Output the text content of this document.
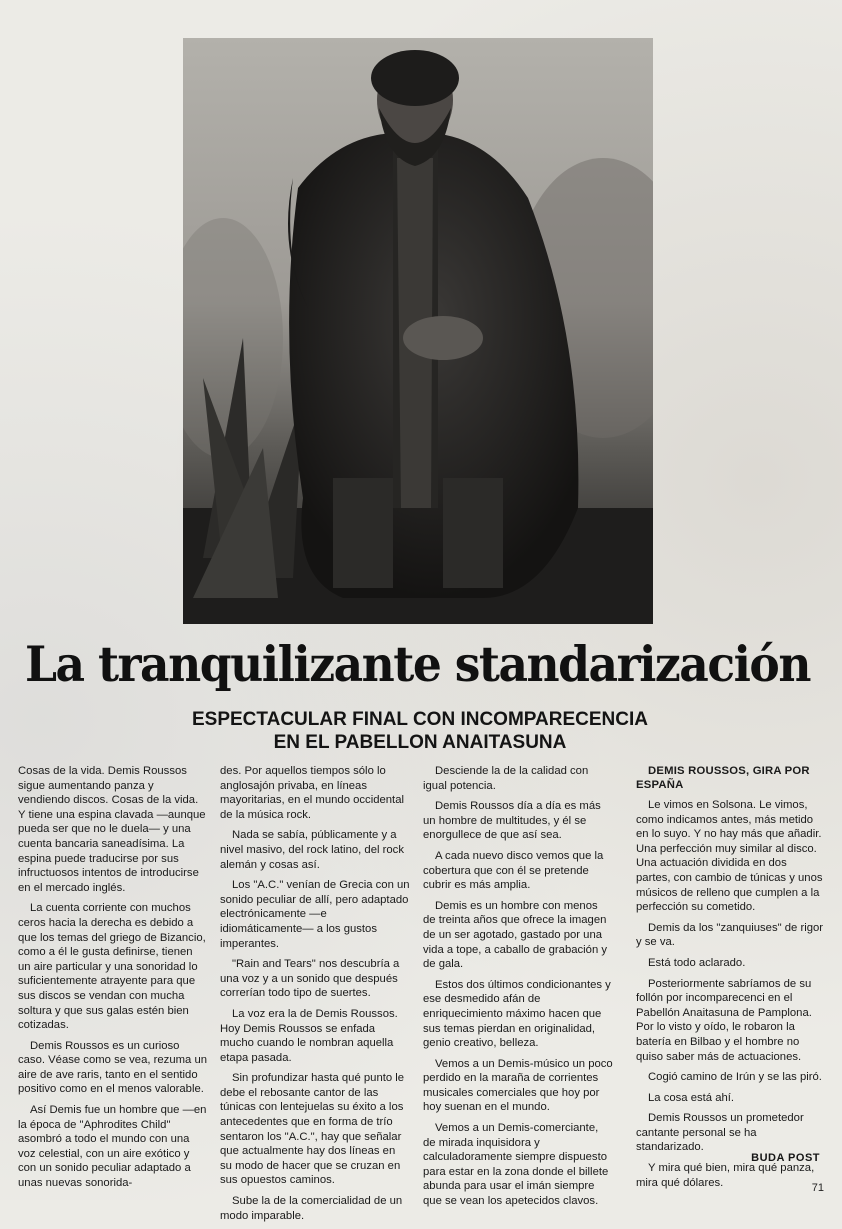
La tranquilizante standarización
ESPECTACULAR FINAL CON INCOMPARECENCIA
EN EL PABELLON ANAITASUNA

Cosas de la vida. Demis Roussos sigue aumentando panza y vendiendo discos. Cosas de la vida. Y tiene una espina clavada —aunque pueda ser que no le duela— y una cuenta bancaria saneadísima. La espina puede traducirse por sus infructuosos intentos de introducirse en el mercado inglés.

La cuenta corriente con muchos ceros hacia la derecha es debido a que los temas del griego de Bizancio, como a él le gusta definirse, tienen un aire particular y una sonoridad lo suficientemente atrayente para que sus discos se vendan con mucha soltura y que sus galas estén bien cotizadas.

Demis Roussos es un curioso caso. Véase como se vea, rezuma un aire de ave raris, tanto en el sentido positivo como en el menos valorable.

Así Demis fue un hombre que —en la época de "Aphrodites Child" asombró a todo el mundo con una voz celestial, con un aire exótico y con un sonido peculiar adaptado a unas nuevas sonorida-

des. Por aquellos tiempos sólo lo anglosajón privaba, en líneas mayoritarias, en el mundo occidental de la música rock.

Nada se sabía, públicamente y a nivel masivo, del rock latino, del rock alemán y cosas así.

Los "A.C." venían de Grecia con un sonido peculiar de allí, pero adaptado electrónicamente —e idiomáticamente— a los gustos imperantes.

"Rain and Tears" nos descubría a una voz y a un sonido que después correrían todo tipo de suertes.

La voz era la de Demis Roussos. Hoy Demis Roussos se enfada mucho cuando le nombran aquella etapa pasada.

Sin profundizar hasta qué punto le debe el rebosante cantor de las túnicas con lentejuelas su éxito a los antecedentes que en forma de trío sentaron los "A.C.", hay que señalar que actualmente hay dos líneas en su modo de hacer que se cruzan en sus opuestos caminos.

Sube la de la comercialidad de un modo imparable.

Desciende la de la calidad con igual potencia.

Demis Roussos día a día es más un hombre de multitudes, y él se enorgullece de que así sea.

A cada nuevo disco vemos que la cobertura que con él se pretende cubrir es más amplia.

Demis es un hombre con menos de treinta años que ofrece la imagen de un ser agotado, gastado por una vida a tope, a caballo de grabación y de gala.

Estos dos últimos condicionantes y ese desmedido afán de enriquecimiento máximo hacen que sus temas pierdan en originalidad, genio creativo, belleza.

Vemos a un Demis-músico un poco perdido en la maraña de corrientes musicales comerciales que hoy por hoy suenan en el mundo.

Vemos a un Demis-comerciante, de mirada inquisidora y calculadoramente siempre dispuesto para estar en la zona donde el billete abunda para usar el imán siempre que se vean los apetecidos clavos.

DEMIS ROUSSOS, GIRA POR ESPAÑA

Le vimos en Solsona. Le vimos, como indicamos antes, más metido en lo suyo. Y no hay más que añadir. Una perfección muy similar al disco. Una actuación dividida en dos partes, con cambio de túnicas y unos músicos de relleno que cumplen a la perfección su cometido.

Demis da los "zanquiuses" de rigor y se va.

Está todo aclarado.

Posteriormente sabríamos de su follón por incomparecenci en el Pabellón Anaitasuna de Pamplona. Por lo visto y oído, le robaron la batería en Bilbao y el hombre no quiso saber más de actuaciones.

Cogió camino de Irún y se las piró.

La cosa está ahí.

Demis Roussos un prometedor cantante personal se ha standarizado.

Y mira qué bien, mira qué panza, mira qué dólares.

BUDA POST
71
